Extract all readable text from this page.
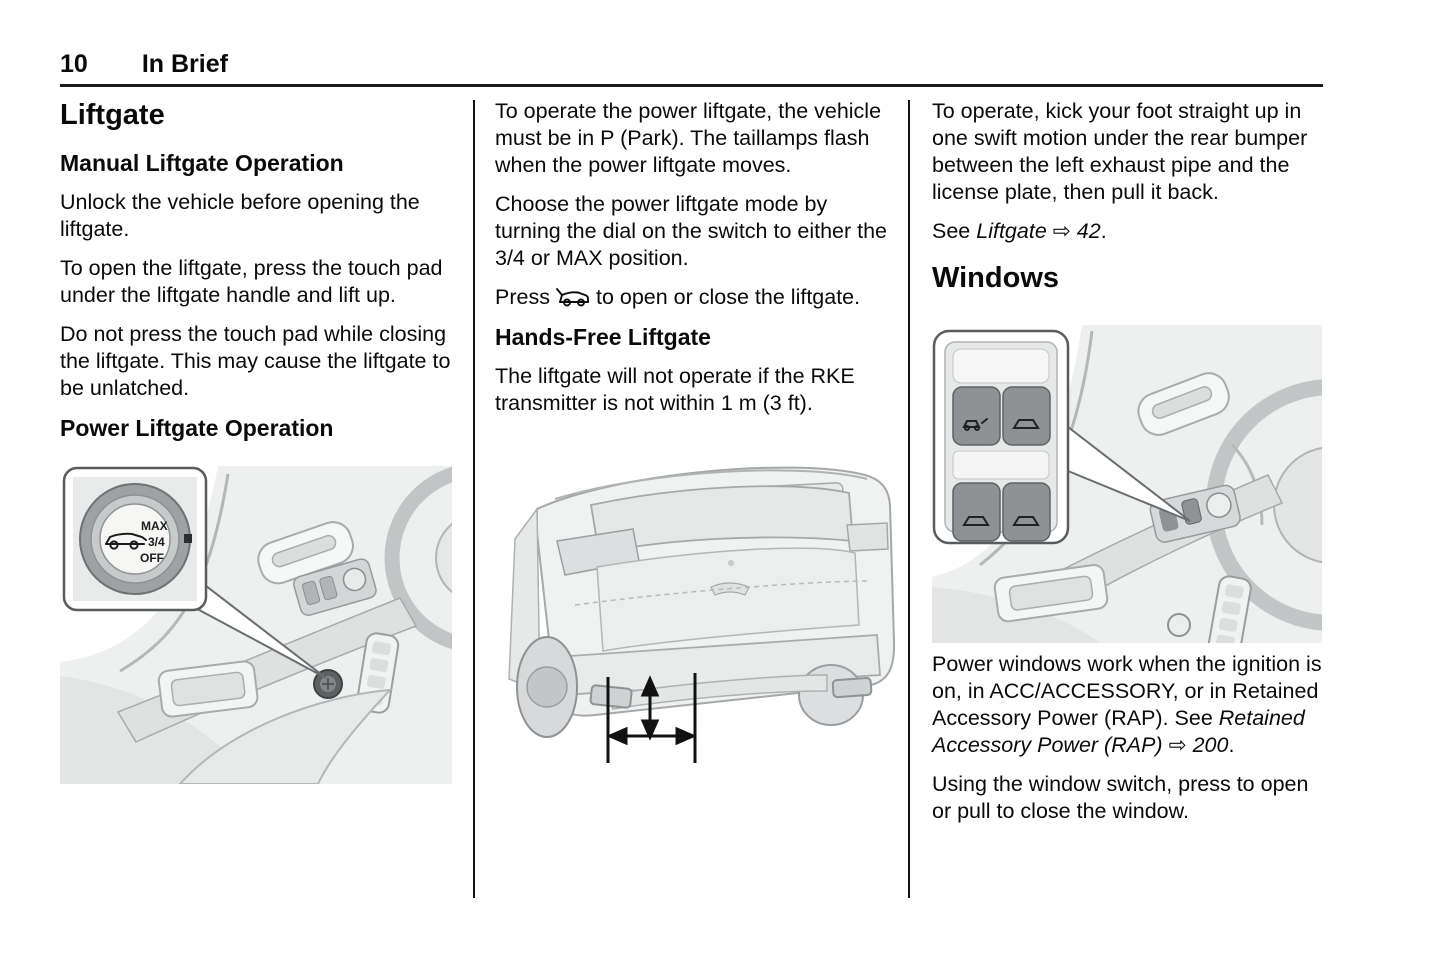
10 In Brief
Liftgate
Manual Liftgate Operation

Unlock the vehicle before opening the liftgate.

To open the liftgate, press the touch pad under the liftgate handle and lift up.

Do not press the touch pad while closing the liftgate. This may cause the liftgate to be unlatched.

Power Liftgate Operation
MAX
3/4
OFF

To operate the power liftgate, the vehicle must be in P (Park). The taillamps flash when the power liftgate moves.

Choose the power liftgate mode by turning the dial on the switch to either the 3/4 or MAX position.

Press to open or close the liftgate.

Hands-Free Liftgate

The liftgate will not operate if the RKE transmitter is not within 1 m (3 ft).

To operate, kick your foot straight up in one swift motion under the rear bumper between the left exhaust pipe and the license plate, then pull it back.

See Liftgate ⇨ 42.

Windows

Power windows work when the ignition is on, in ACC/ACCESSORY, or in Retained Accessory Power (RAP). See Retained Accessory Power (RAP) ⇨ 200.

Using the window switch, press to open or pull to close the window.
